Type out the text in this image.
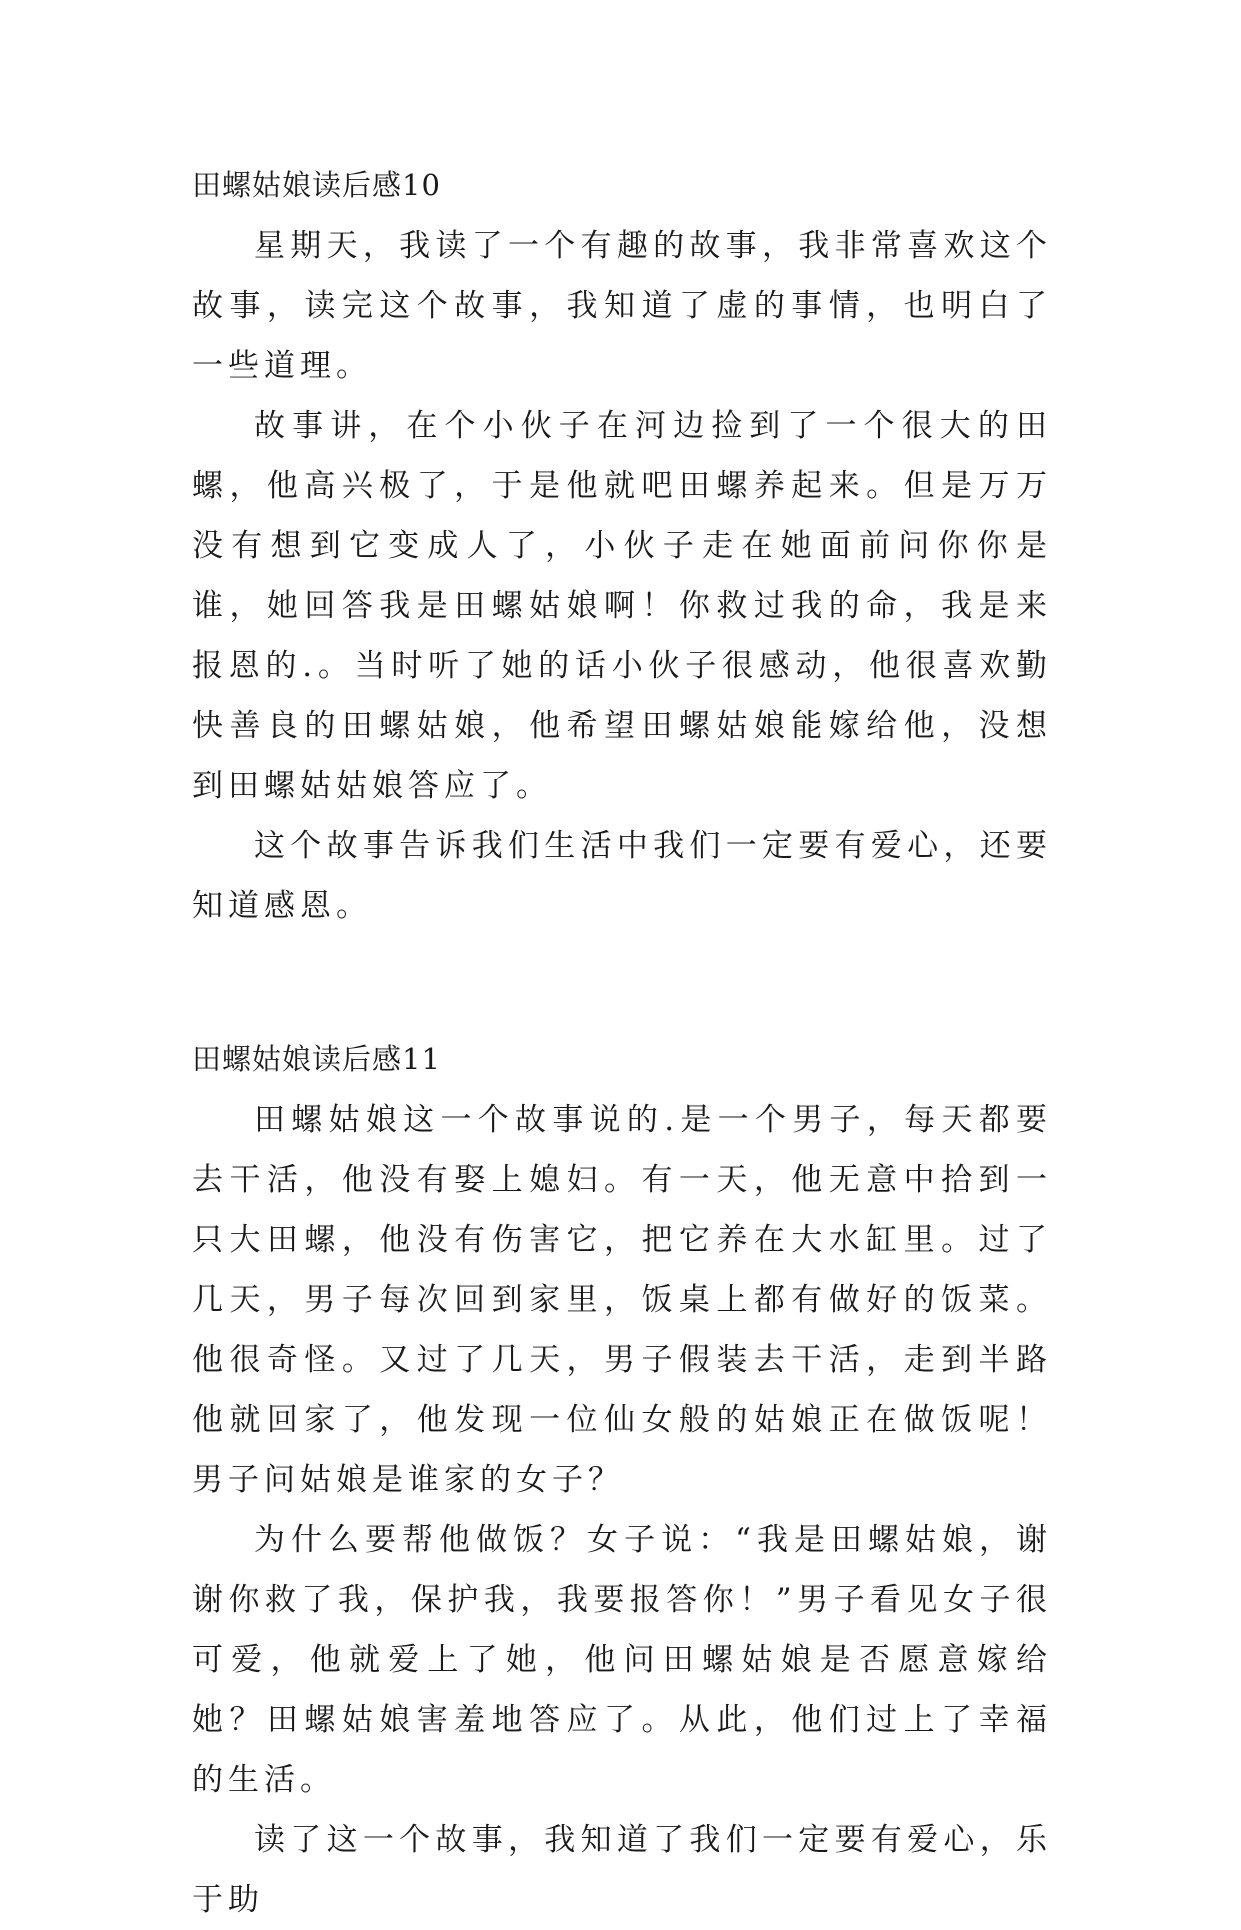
田螺姑娘读后感10

星期天，我读了一个有趣的故事，我非常喜欢这个故事，读完这个故事，我知道了虚的事情，也明白了一些道理。

故事讲，在个小伙子在河边捡到了一个很大的田螺，他高兴极了，于是他就吧田螺养起来。但是万万没有想到它变成人了，小伙子走在她面前问你你是谁，她回答我是田螺姑娘啊！你救过我的命，我是来报恩的.。当时听了她的话小伙子很感动，他很喜欢勤快善良的田螺姑娘，他希望田螺姑娘能嫁给他，没想到田螺姑姑娘答应了。

这个故事告诉我们生活中我们一定要有爱心，还要知道感恩。

田螺姑娘读后感11

田螺姑娘这一个故事说的.是一个男子，每天都要去干活，他没有娶上媳妇。有一天，他无意中拾到一只大田螺，他没有伤害它，把它养在大水缸里。过了几天，男子每次回到家里，饭桌上都有做好的饭菜。他很奇怪。又过了几天，男子假装去干活，走到半路他就回家了，他发现一位仙女般的姑娘正在做饭呢！男子问姑娘是谁家的女子？

为什么要帮他做饭？女子说：“我是田螺姑娘，谢谢你救了我，保护我，我要报答你！”男子看见女子很可爱，他就爱上了她，他问田螺姑娘是否愿意嫁给她？田螺姑娘害羞地答应了。从此，他们过上了幸福的生活。

读了这一个故事，我知道了我们一定要有爱心，乐于助
